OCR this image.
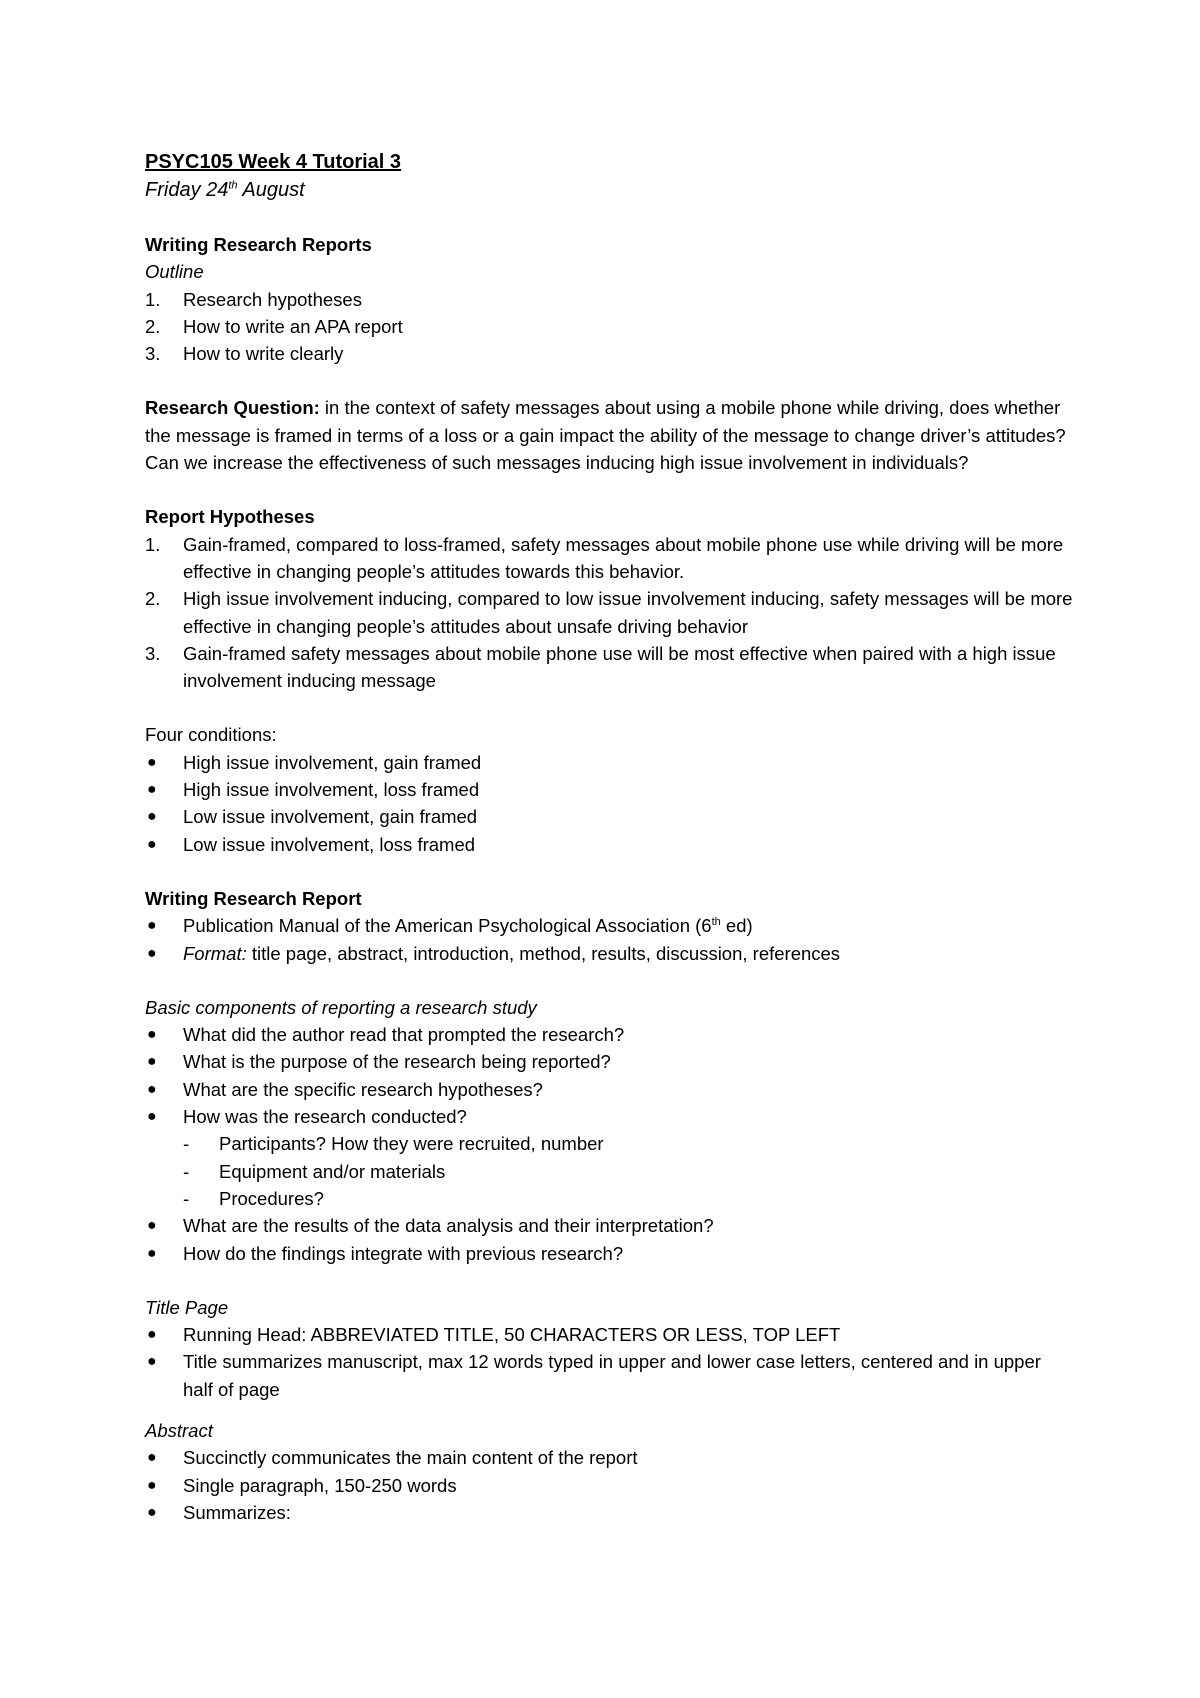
PSYC105 Week 4 Tutorial 3
Friday 24th August
Writing Research Reports
Outline
1. Research hypotheses
2. How to write an APA report
3. How to write clearly

Research Question: in the context of safety messages about using a mobile phone while driving, does whether the message is framed in terms of a loss or a gain impact the ability of the message to change driver’s attitudes? Can we increase the effectiveness of such messages inducing high issue involvement in individuals?

Report Hypotheses
1. Gain-framed, compared to loss-framed, safety messages about mobile phone use while driving will be more effective in changing people’s attitudes towards this behavior.
2. High issue involvement inducing, compared to low issue involvement inducing, safety messages will be more effective in changing people’s attitudes about unsafe driving behavior
3. Gain-framed safety messages about mobile phone use will be most effective when paired with a high issue involvement inducing message
Four conditions:
● High issue involvement, gain framed
● High issue involvement, loss framed
● Low issue involvement, gain framed
● Low issue involvement, loss framed
Writing Research Report
● Publication Manual of the American Psychological Association (6th ed)
● Format: title page, abstract, introduction, method, results, discussion, references
Basic components of reporting a research study
● What did the author read that prompted the research?
● What is the purpose of the research being reported?
● What are the specific research hypotheses?
● How was the research conducted?
- Participants? How they were recruited, number
- Equipment and/or materials
- Procedures?
● What are the results of the data analysis and their interpretation?
● How do the findings integrate with previous research?
Title Page
● Running Head: ABBREVIATED TITLE, 50 CHARACTERS OR LESS, TOP LEFT
● Title summarizes manuscript, max 12 words typed in upper and lower case letters, centered and in upper half of page
Abstract
● Succinctly communicates the main content of the report
● Single paragraph, 150-250 words
● Summarizes:
